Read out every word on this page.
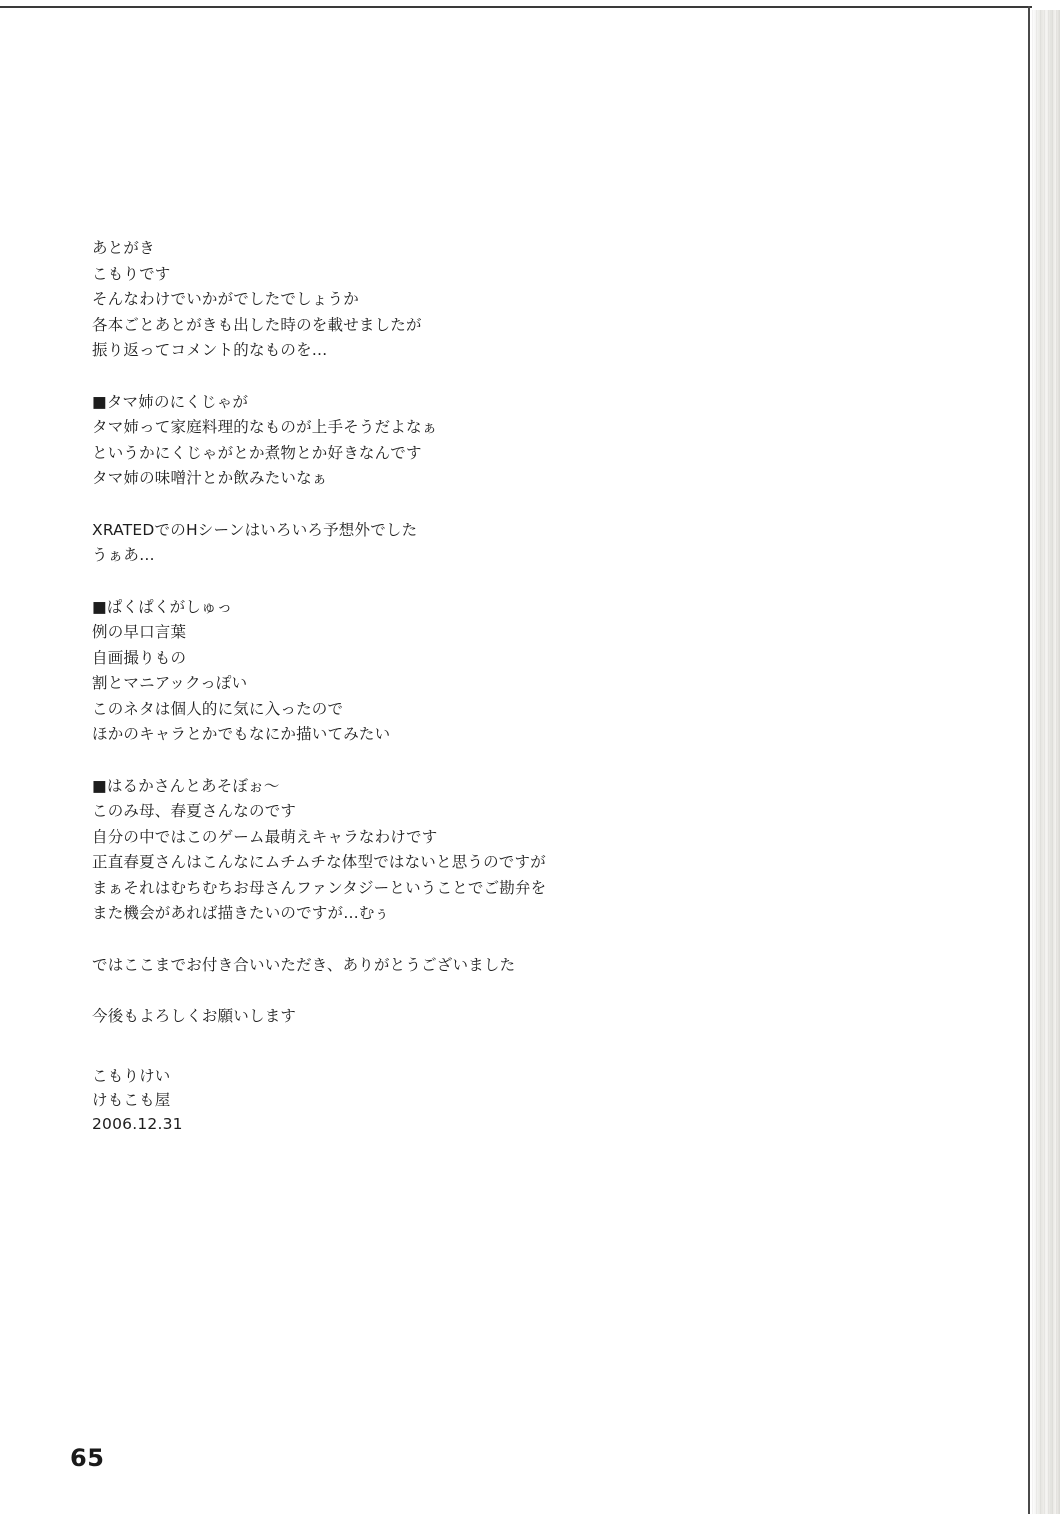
あとがき
こもりです
そんなわけでいかがでしたでしょうか
各本ごとあとがきも出した時のを載せましたが
振り返ってコメント的なものを…
■タマ姉のにくじゃが
タマ姉って家庭料理的なものが上手そうだよなぁ
というかにくじゃがとか煮物とか好きなんです
タマ姉の味噌汁とか飲みたいなぁ
XRATEDでのHシーンはいろいろ予想外でした
うぁあ…
■ぱくぱくがしゅっ
例の早口言葉
自画撮りもの
割とマニアックっぽい
このネタは個人的に気に入ったので
ほかのキャラとかでもなにか描いてみたい
■はるかさんとあそぼぉ〜
このみ母、春夏さんなのです
自分の中ではこのゲーム最萌えキャラなわけです
正直春夏さんはこんなにムチムチな体型ではないと思うのですが
まぁそれはむちむちお母さんファンタジーということでご勘弁を
また機会があれば描きたいのですが…むぅ
ではここまでお付き合いいただき、ありがとうございました
今後もよろしくお願いします
こもりけい
けもこも屋
2006.12.31
65
